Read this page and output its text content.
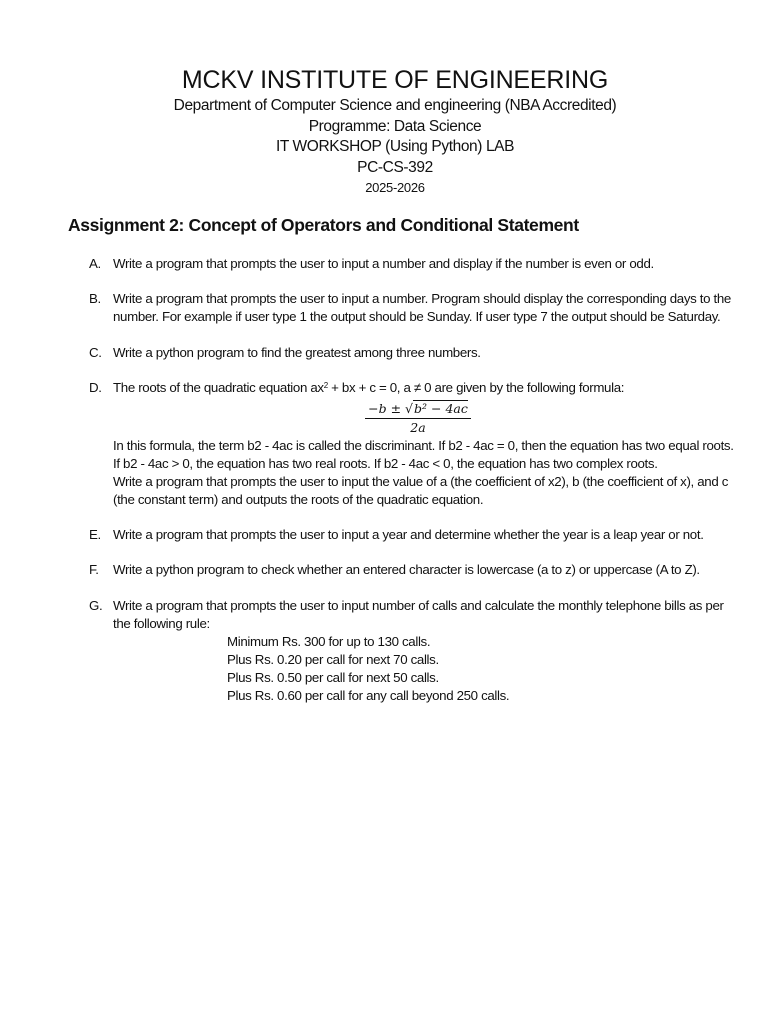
MCKV INSTITUTE OF ENGINEERING
Department of Computer Science and engineering (NBA Accredited)
Programme: Data Science
IT WORKSHOP (Using Python) LAB
PC-CS-392
2025-2026
Assignment 2: Concept of Operators and Conditional Statement
A. Write a program that prompts the user to input a number and display if the number is even or odd.
B. Write a program that prompts the user to input a number. Program should display the corresponding days to the
number. For example if user type 1 the output should be Sunday. If user type 7 the output should be Saturday.
C. Write a python program to find the greatest among three numbers.
D. The roots of the quadratic equation $ax^2$ + bx + c = 0, a ≠ 0 are given by the following formula:
−b ± √b² − 4ac
2a
In this formula, the term b2 - 4ac is called the discriminant. If b2 - 4ac = 0, then the equation has two equal roots.
If b2 - 4ac > 0, the equation has two real roots. If b2 - 4ac < 0, the equation has two complex roots.
Write a program that prompts the user to input the value of a (the coefficient of x2), b (the coefficient of x), and c
(the constant term) and outputs the roots of the quadratic equation.
E. Write a program that prompts the user to input a year and determine whether the year is a leap year or not.
F. Write a python program to check whether an entered character is lowercase (a to z) or uppercase (A to Z).
G. Write a program that prompts the user to input number of calls and calculate the monthly telephone bills as per
the following rule:
Minimum Rs. 300 for up to 130 calls.
Plus Rs. 0.20 per call for next 70 calls.
Plus Rs. 0.50 per call for next 50 calls.
Plus Rs. 0.60 per call for any call beyond 250 calls.
